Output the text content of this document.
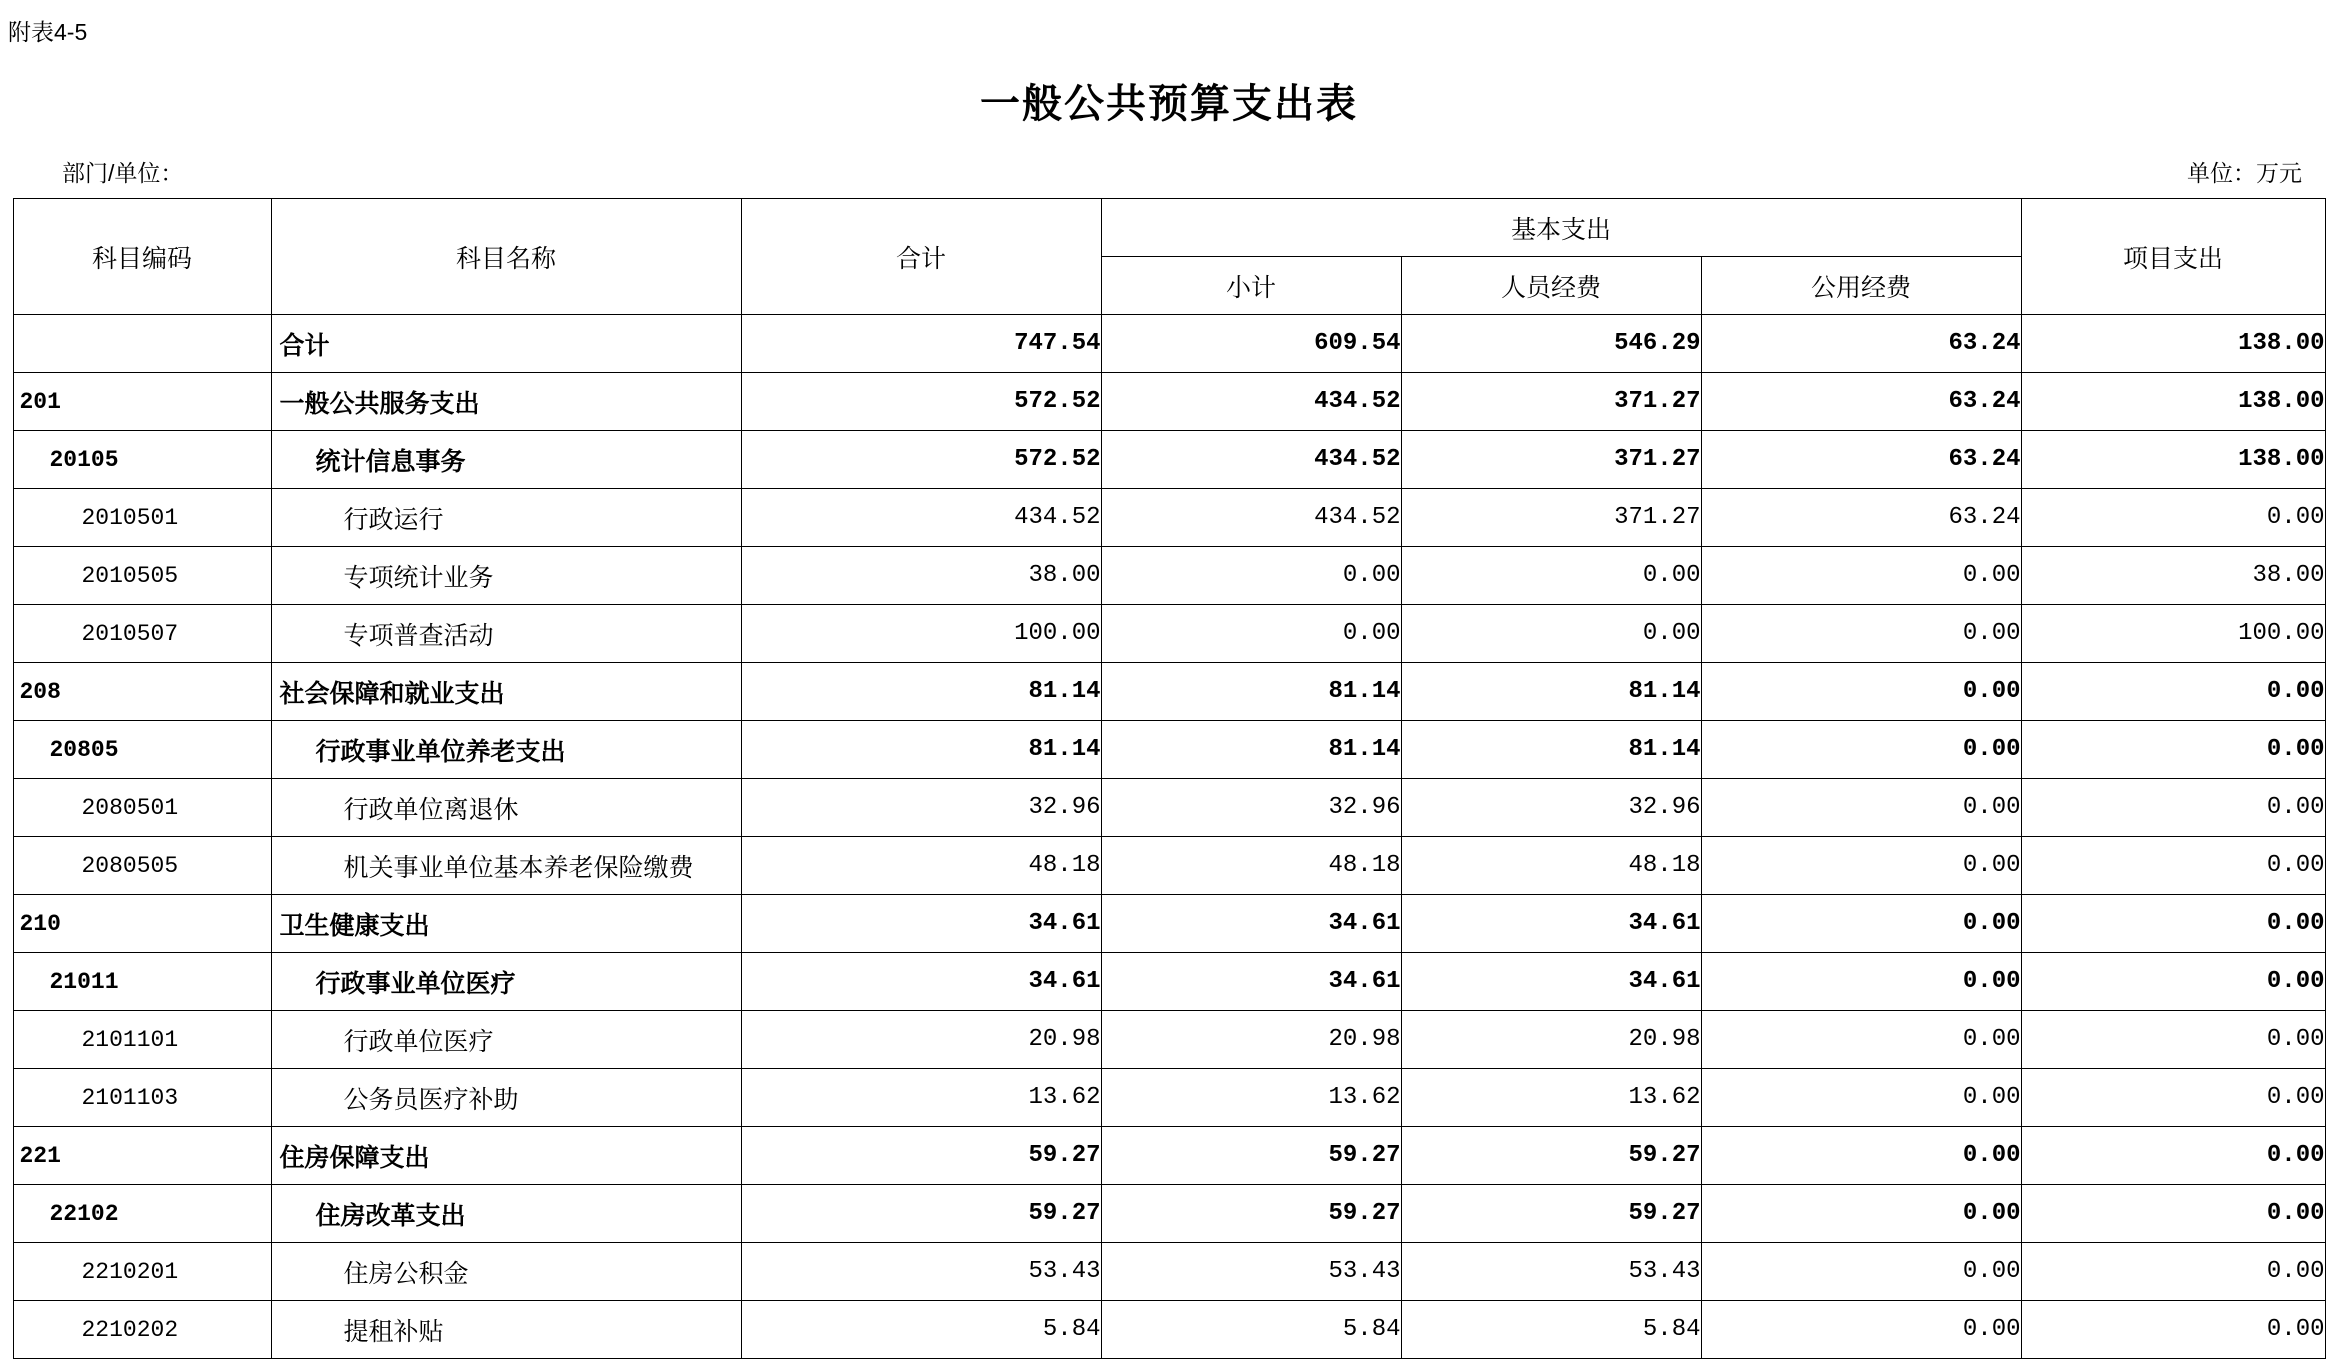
附表4-5
一般公共预算支出表
部门/单位：	单位：万元
科目编码	科目名称	合计	基本支出			项目支出
			小计	人员经费	公用经费	
	合计	747.54	609.54	546.29	63.24	138.00
201	一般公共服务支出	572.52	434.52	371.27	63.24	138.00
20105	统计信息事务	572.52	434.52	371.27	63.24	138.00
2010501	行政运行	434.52	434.52	371.27	63.24	0.00
2010505	专项统计业务	38.00	0.00	0.00	0.00	38.00
2010507	专项普查活动	100.00	0.00	0.00	0.00	100.00
208	社会保障和就业支出	81.14	81.14	81.14	0.00	0.00
20805	行政事业单位养老支出	81.14	81.14	81.14	0.00	0.00
2080501	行政单位离退休	32.96	32.96	32.96	0.00	0.00
2080505	机关事业单位基本养老保险缴费	48.18	48.18	48.18	0.00	0.00
210	卫生健康支出	34.61	34.61	34.61	0.00	0.00
21011	行政事业单位医疗	34.61	34.61	34.61	0.00	0.00
2101101	行政单位医疗	20.98	20.98	20.98	0.00	0.00
2101103	公务员医疗补助	13.62	13.62	13.62	0.00	0.00
221	住房保障支出	59.27	59.27	59.27	0.00	0.00
22102	住房改革支出	59.27	59.27	59.27	0.00	0.00
2210201	住房公积金	53.43	53.43	53.43	0.00	0.00
2210202	提租补贴	5.84	5.84	5.84	0.00	0.00
